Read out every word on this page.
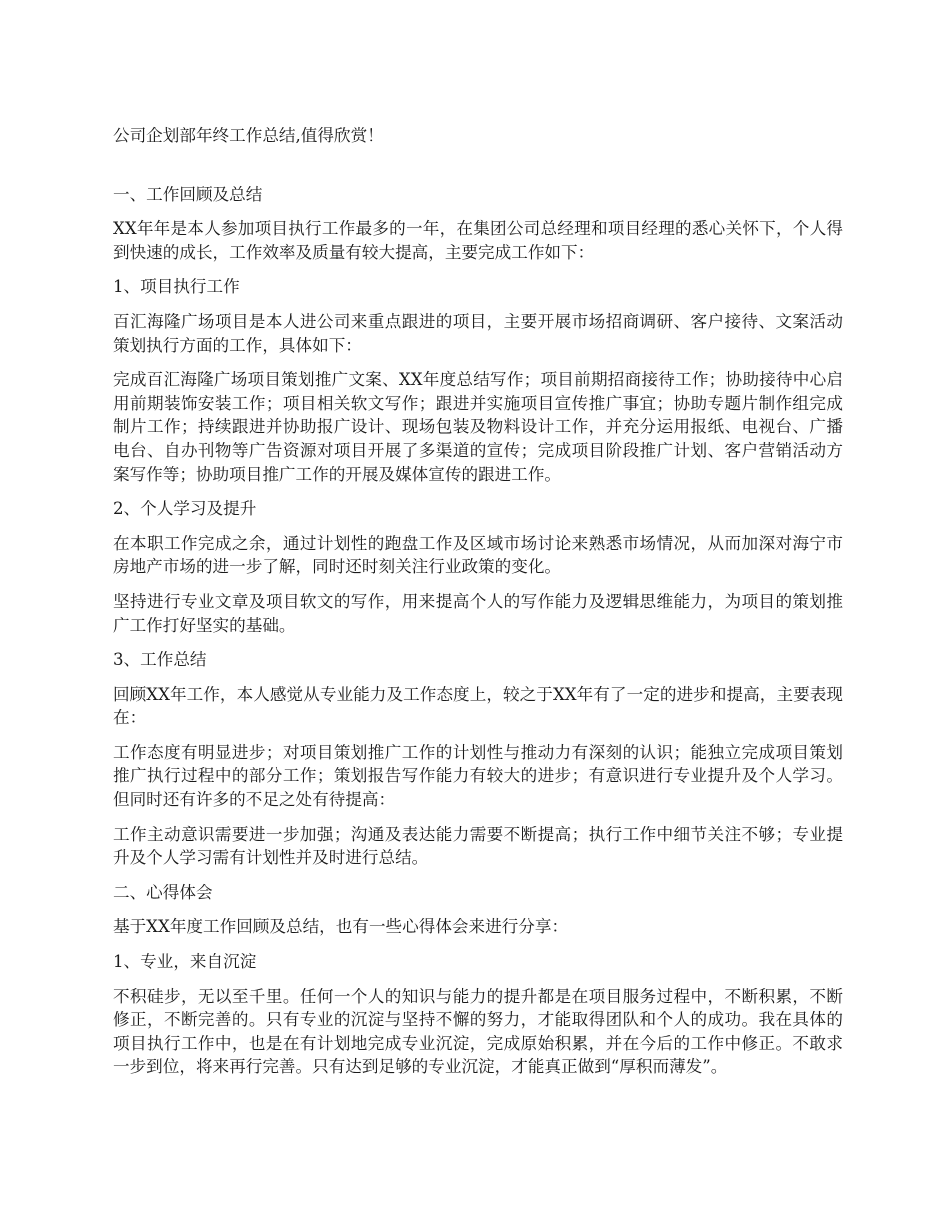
公司企划部年终工作总结,值得欣赏！

一、工作回顾及总结

XX年年是本人参加项目执行工作最多的一年，在集团公司总经理和项目经理的悉心关怀下，个人得到快速的成长，工作效率及质量有较大提高，主要完成工作如下：

1、项目执行工作

百汇海隆广场项目是本人进公司来重点跟进的项目，主要开展市场招商调研、客户接待、文案活动策划执行方面的工作，具体如下：

完成百汇海隆广场项目策划推广文案、XX年度总结写作；项目前期招商接待工作；协助接待中心启用前期装饰安装工作；项目相关软文写作；跟进并实施项目宣传推广事宜；协助专题片制作组完成制片工作；持续跟进并协助报广设计、现场包装及物料设计工作，并充分运用报纸、电视台、广播电台、自办刊物等广告资源对项目开展了多渠道的宣传；完成项目阶段推广计划、客户营销活动方案写作等；协助项目推广工作的开展及媒体宣传的跟进工作。

2、个人学习及提升

在本职工作完成之余，通过计划性的跑盘工作及区域市场讨论来熟悉市场情况，从而加深对海宁市房地产市场的进一步了解，同时还时刻关注行业政策的变化。

坚持进行专业文章及项目软文的写作，用来提高个人的写作能力及逻辑思维能力，为项目的策划推广工作打好坚实的基础。

3、工作总结

回顾XX年工作，本人感觉从专业能力及工作态度上，较之于XX年有了一定的进步和提高，主要表现在：

工作态度有明显进步；对项目策划推广工作的计划性与推动力有深刻的认识；能独立完成项目策划推广执行过程中的部分工作；策划报告写作能力有较大的进步；有意识进行专业提升及个人学习。但同时还有许多的不足之处有待提高：

工作主动意识需要进一步加强；沟通及表达能力需要不断提高；执行工作中细节关注不够；专业提升及个人学习需有计划性并及时进行总结。

二、心得体会

基于XX年度工作回顾及总结，也有一些心得体会来进行分享：

1、专业，来自沉淀

不积硅步，无以至千里。任何一个人的知识与能力的提升都是在项目服务过程中，不断积累，不断修正，不断完善的。只有专业的沉淀与坚持不懈的努力，才能取得团队和个人的成功。我在具体的项目执行工作中，也是在有计划地完成专业沉淀，完成原始积累，并在今后的工作中修正。不敢求一步到位，将来再行完善。只有达到足够的专业沉淀，才能真正做到“厚积而薄发”。
